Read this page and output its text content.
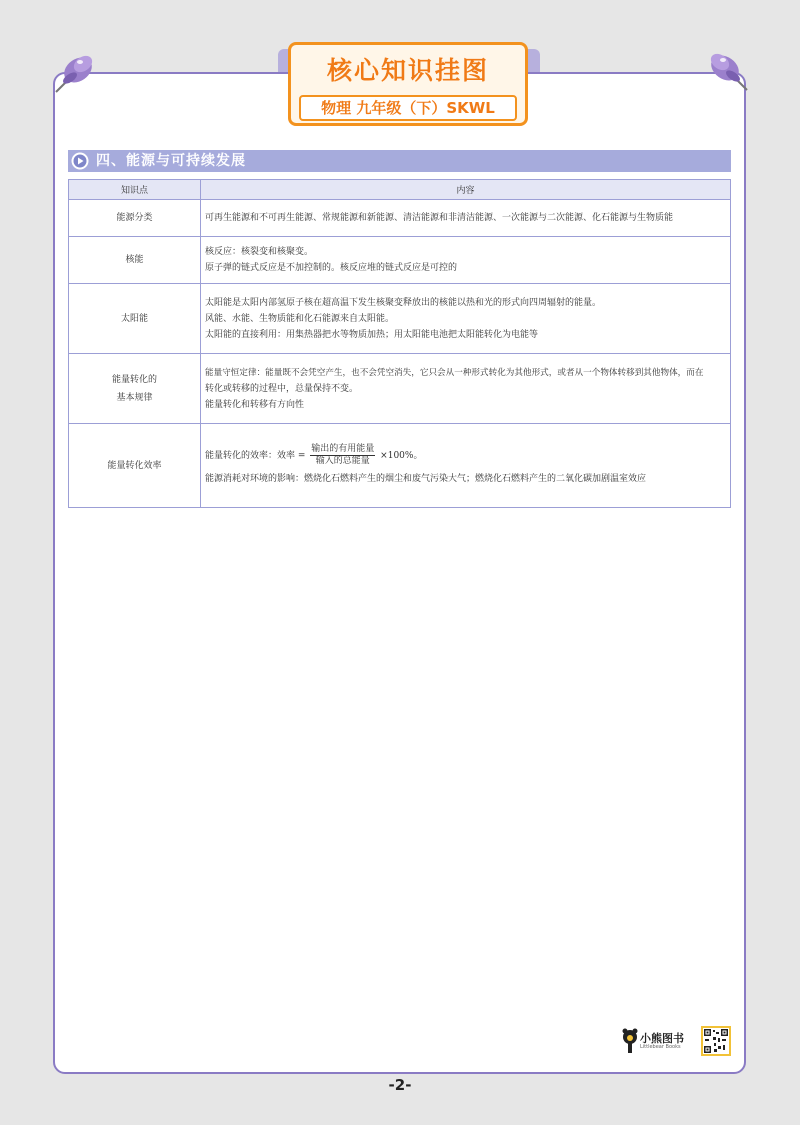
核心知识挂图
物理 九年级（下）SKWL
四、能源与可持续发展
知识点	内容
能源分类	可再生能源和不可再生能源、常规能源和新能源、清洁能源和非清洁能源、一次能源与二次能源、化石能源与生物质能

核能	核反应：核裂变和核聚变。
原子弹的链式反应是不加控制的。核反应堆的链式反应是可控的

太阳能	太阳能是太阳内部氢原子核在超高温下发生核聚变释放出的核能以热和光的形式向四周辐射的能量。
风能、水能、生物质能和化石能源来自太阳能。
太阳能的直接利用：用集热器把水等物质加热；用太阳能电池把太阳能转化为电能等

能量转化的
基本规律	能量守恒定律：能量既不会凭空产生，也不会凭空消失，它只会从一种形式转化为其他形式，或者从一个物体转移到其他物体，而在
转化或转移的过程中，总量保持不变。
能量转化和转移有方向性

能量转化效率	能量转化的效率：效率 = $\frac{\text{输出的有用能量}}{\text{输入的总能量}} \times 100\%$。
能源消耗对环境的影响：燃烧化石燃料产生的烟尘和废气污染大气；燃烧化石燃料产生的二氧化碳加剧温室效应
小熊图书
Littlebear Books
-2-
